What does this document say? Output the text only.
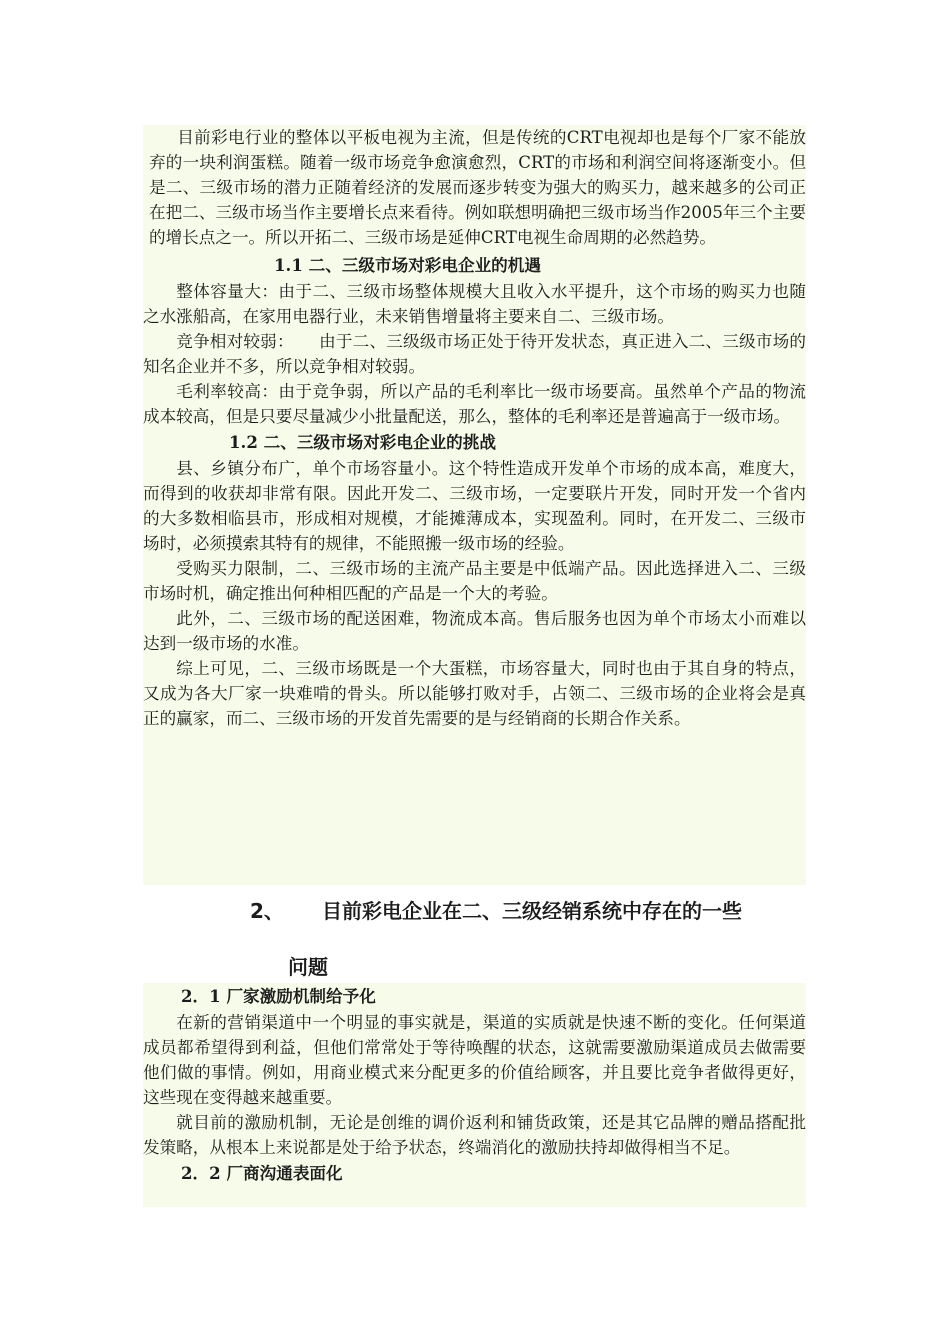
目前彩电行业的整体以平板电视为主流，但是传统的CRT电视却也是每个厂家不能放弃的一块利润蛋糕。随着一级市场竞争愈演愈烈，CRT的市场和利润空间将逐渐变小。但是二、三级市场的潜力正随着经济的发展而逐步转变为强大的购买力，越来越多的公司正在把二、三级市场当作主要增长点来看待。例如联想明确把三级市场当作2005年三个主要的增长点之一。所以开拓二、三级市场是延伸CRT电视生命周期的必然趋势。

1.1 二、三级市场对彩电企业的机遇

整体容量大：由于二、三级市场整体规模大且收入水平提升，这个市场的购买力也随之水涨船高，在家用电器行业，未来销售增量将主要来自二、三级市场。

竞争相对较弱：　　由于二、三级级市场正处于待开发状态，真正进入二、三级市场的知名企业并不多，所以竞争相对较弱。

毛利率较高：由于竞争弱，所以产品的毛利率比一级市场要高。虽然单个产品的物流成本较高，但是只要尽量减少小批量配送，那么，整体的毛利率还是普遍高于一级市场。

1.2 二、三级市场对彩电企业的挑战

县、乡镇分布广，单个市场容量小。这个特性造成开发单个市场的成本高，难度大，而得到的收获却非常有限。因此开发二、三级市场，一定要联片开发，同时开发一个省内的大多数相临县市，形成相对规模，才能摊薄成本，实现盈利。同时，在开发二、三级市场时，必须摸索其特有的规律，不能照搬一级市场的经验。

受购买力限制，二、三级市场的主流产品主要是中低端产品。因此选择进入二、三级市场时机，确定推出何种相匹配的产品是一个大的考验。

此外，二、三级市场的配送困难，物流成本高。售后服务也因为单个市场太小而难以达到一级市场的水准。

综上可见，二、三级市场既是一个大蛋糕，市场容量大，同时也由于其自身的特点，又成为各大厂家一块难啃的骨头。所以能够打败对手，占领二、三级市场的企业将会是真正的赢家，而二、三级市场的开发首先需要的是与经销商的长期合作关系。

2、 目前彩电企业在二、三级经销系统中存在的一些
问题
2．1 厂家激励机制给予化

在新的营销渠道中一个明显的事实就是，渠道的实质就是快速不断的变化。任何渠道成员都希望得到利益，但他们常常处于等待唤醒的状态，这就需要激励渠道成员去做需要他们做的事情。例如，用商业模式来分配更多的价值给顾客，并且要比竞争者做得更好，这些现在变得越来越重要。

就目前的激励机制，无论是创维的调价返利和铺货政策，还是其它品牌的赠品搭配批发策略，从根本上来说都是处于给予状态，终端消化的激励扶持却做得相当不足。

2．2 厂商沟通表面化
